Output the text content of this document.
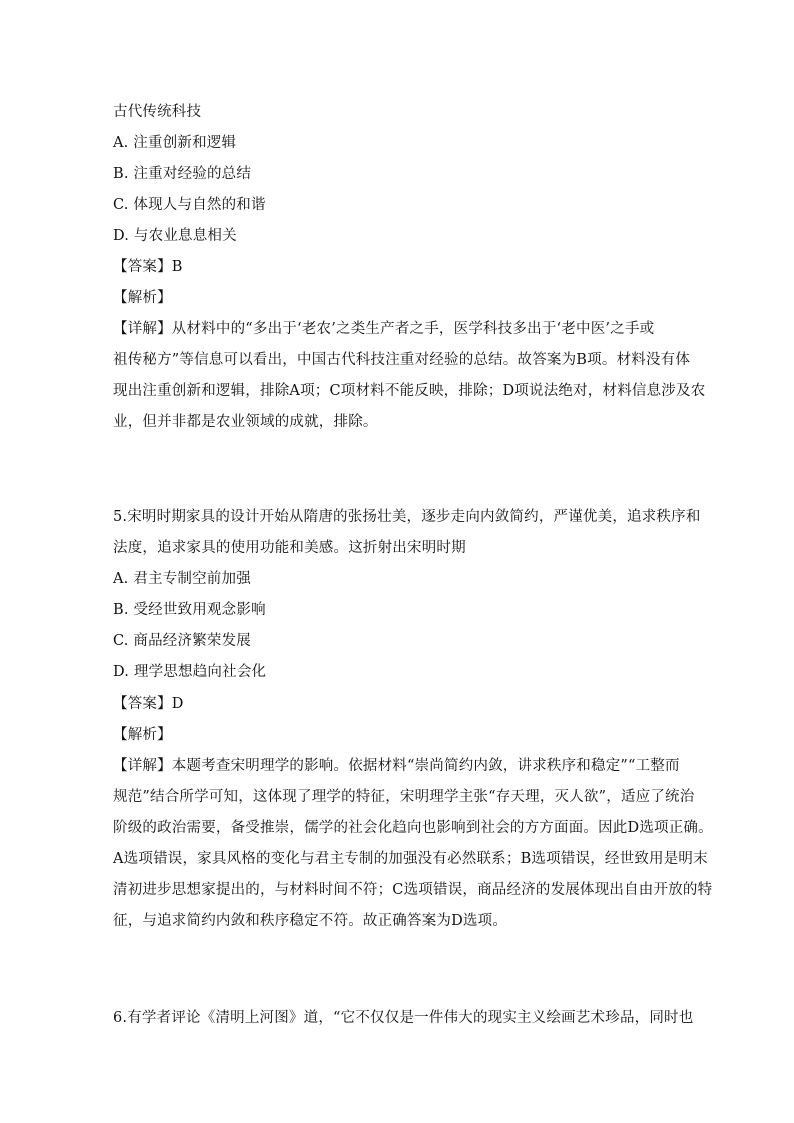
古代传统科技
A. 注重创新和逻辑
B. 注重对经验的总结
C. 体现人与自然的和谐
D. 与农业息息相关
【答案】B
【解析】
【详解】从材料中的“多出于‘老农’之类生产者之手，医学科技多出于‘老中医’之手或
祖传秘方”等信息可以看出，中国古代科技注重对经验的总结。故答案为B项。材料没有体
现出注重创新和逻辑，排除A项；C项材料不能反映，排除；D项说法绝对，材料信息涉及农
业，但并非都是农业领域的成就，排除。
5.宋明时期家具的设计开始从隋唐的张扬壮美，逐步走向内敛简约，严谨优美，追求秩序和
法度，追求家具的使用功能和美感。这折射出宋明时期
A. 君主专制空前加强
B. 受经世致用观念影响
C. 商品经济繁荣发展
D. 理学思想趋向社会化
【答案】D
【解析】
【详解】本题考查宋明理学的影响。依据材料“崇尚简约内敛，讲求秩序和稳定”“工整而
规范”结合所学可知，这体现了理学的特征，宋明理学主张“存天理，灭人欲”，适应了统治
阶级的政治需要，备受推崇，儒学的社会化趋向也影响到社会的方方面面。因此D选项正确。
A选项错误，家具风格的变化与君主专制的加强没有必然联系；B选项错误，经世致用是明末
清初进步思想家提出的，与材料时间不符；C选项错误，商品经济的发展体现出自由开放的特
征，与追求简约内敛和秩序稳定不符。故正确答案为D选项。
6.有学者评论《清明上河图》道，“它不仅仅是一件伟大的现实主义绘画艺术珍品，同时也
